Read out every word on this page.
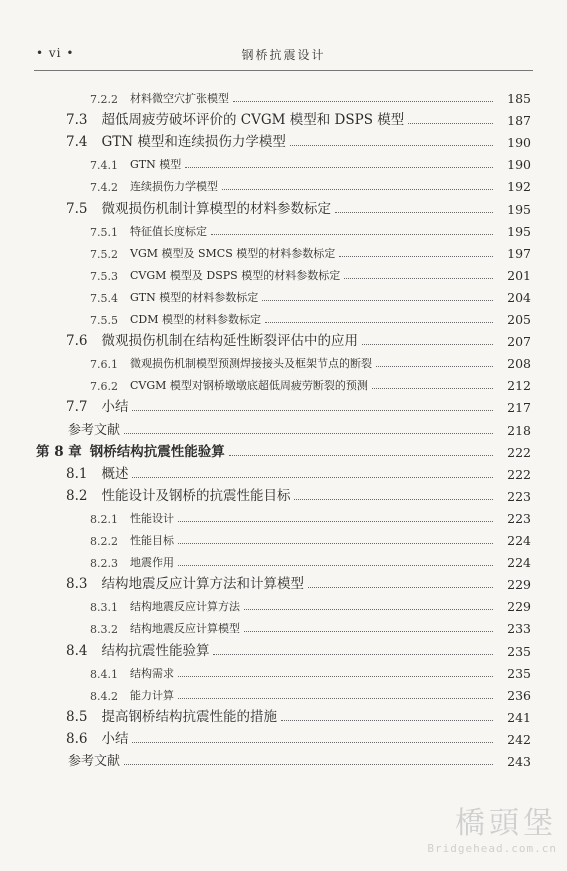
• vi •	钢桥抗震设计
7.2.2 材料微空穴扩张模型	185
7.3 超低周疲劳破坏评价的 CVGM 模型和 DSPS 模型	187
7.4 GTN 模型和连续损伤力学模型	190
7.4.1 GTN 模型	190
7.4.2 连续损伤力学模型	192
7.5 微观损伤机制计算模型的材料参数标定	195
7.5.1 特征值长度标定	195
7.5.2 VGM 模型及 SMCS 模型的材料参数标定	197
7.5.3 CVGM 模型及 DSPS 模型的材料参数标定	201
7.5.4 GTN 模型的材料参数标定	204
7.5.5 CDM 模型的材料参数标定	205
7.6 微观损伤机制在结构延性断裂评估中的应用	207
7.6.1 微观损伤机制模型预测焊接接头及框架节点的断裂	208
7.6.2 CVGM 模型对钢桥墩墩底超低周疲劳断裂的预测	212
7.7 小结	217
参考文献	218
第 8 章 钢桥结构抗震性能验算	222
8.1 概述	222
8.2 性能设计及钢桥的抗震性能目标	223
8.2.1 性能设计	223
8.2.2 性能目标	224
8.2.3 地震作用	224
8.3 结构地震反应计算方法和计算模型	229
8.3.1 结构地震反应计算方法	229
8.3.2 结构地震反应计算模型	233
8.4 结构抗震性能验算	235
8.4.1 结构需求	235
8.4.2 能力计算	236
8.5 提高钢桥结构抗震性能的措施	241
8.6 小结	242
参考文献	243
橋頭堡
Bridgehead.com.cn
